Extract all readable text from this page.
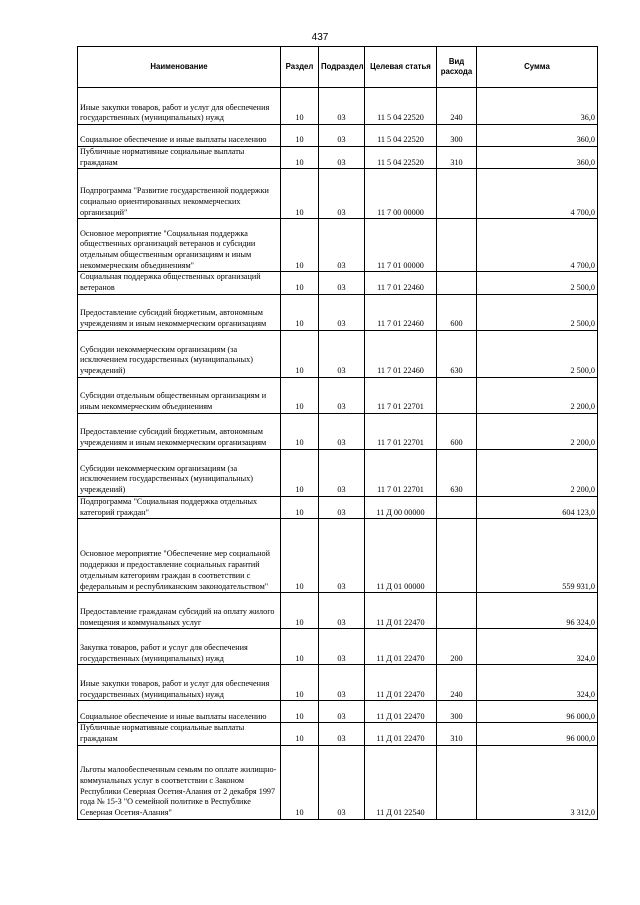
437
Наименование	Раздел	Подраздел	Целевая статья	Вид расхода	Сумма
Иные закупки товаров, работ и услуг для обеспечения государственных (муниципальных) нужд	10	03	11 5 04 22520	240	36,0
Социальное обеспечение и иные выплаты населению	10	03	11 5 04 22520	300	360,0
Публичные нормативные социальные выплаты гражданам	10	03	11 5 04 22520	310	360,0
Подпрограмма "Развитие государственной поддержки социально ориентированных некоммерческих организаций"	10	03	11 7 00 00000		4 700,0
Основное мероприятие "Социальная поддержка общественных организаций ветеранов и субсидии отдельным общественным организациям и иным некоммерческим объединениям"	10	03	11 7 01 00000		4 700,0
Социальная поддержка общественных организаций ветеранов	10	03	11 7 01 22460		2 500,0
Предоставление субсидий бюджетным, автономным учреждениям и иным некоммерческим организациям	10	03	11 7 01 22460	600	2 500,0
Субсидии некоммерческим организациям (за исключением государственных (муниципальных) учреждений)	10	03	11 7 01 22460	630	2 500,0
Субсидии отдельным общественным организациям и иным некоммерческим объединениям	10	03	11 7 01 22701		2 200,0
Предоставление субсидий бюджетным, автономным учреждениям и иным некоммерческим организациям	10	03	11 7 01 22701	600	2 200,0
Субсидии некоммерческим организациям (за исключением государственных (муниципальных) учреждений)	10	03	11 7 01 22701	630	2 200,0
Подпрограмма "Социальная поддержка отдельных категорий граждан"	10	03	11 Д 00 00000		604 123,0
Основное мероприятие "Обеспечение мер социальной поддержки и предоставление социальных гарантий отдельным категориям граждан в соответствии с федеральным и республиканским законодательством"	10	03	11 Д 01 00000		559 931,0
Предоставление гражданам субсидий на оплату жилого помещения и коммунальных услуг	10	03	11 Д 01 22470		96 324,0
Закупка товаров, работ и услуг для обеспечения государственных (муниципальных) нужд	10	03	11 Д 01 22470	200	324,0
Иные закупки товаров, работ и услуг для обеспечения государственных (муниципальных) нужд	10	03	11 Д 01 22470	240	324,0
Социальное обеспечение и иные выплаты населению	10	03	11 Д 01 22470	300	96 000,0
Публичные нормативные социальные выплаты гражданам	10	03	11 Д 01 22470	310	96 000,0
Льготы малообеспеченным семьям по оплате жилищно-коммунальных услуг в соответствии с Законом Республики Северная Осетия-Алания от 2 декабря 1997 года № 15-З "О семейной политике в Республике Северная Осетия-Алания"	10	03	11 Д 01 22540		3 312,0
